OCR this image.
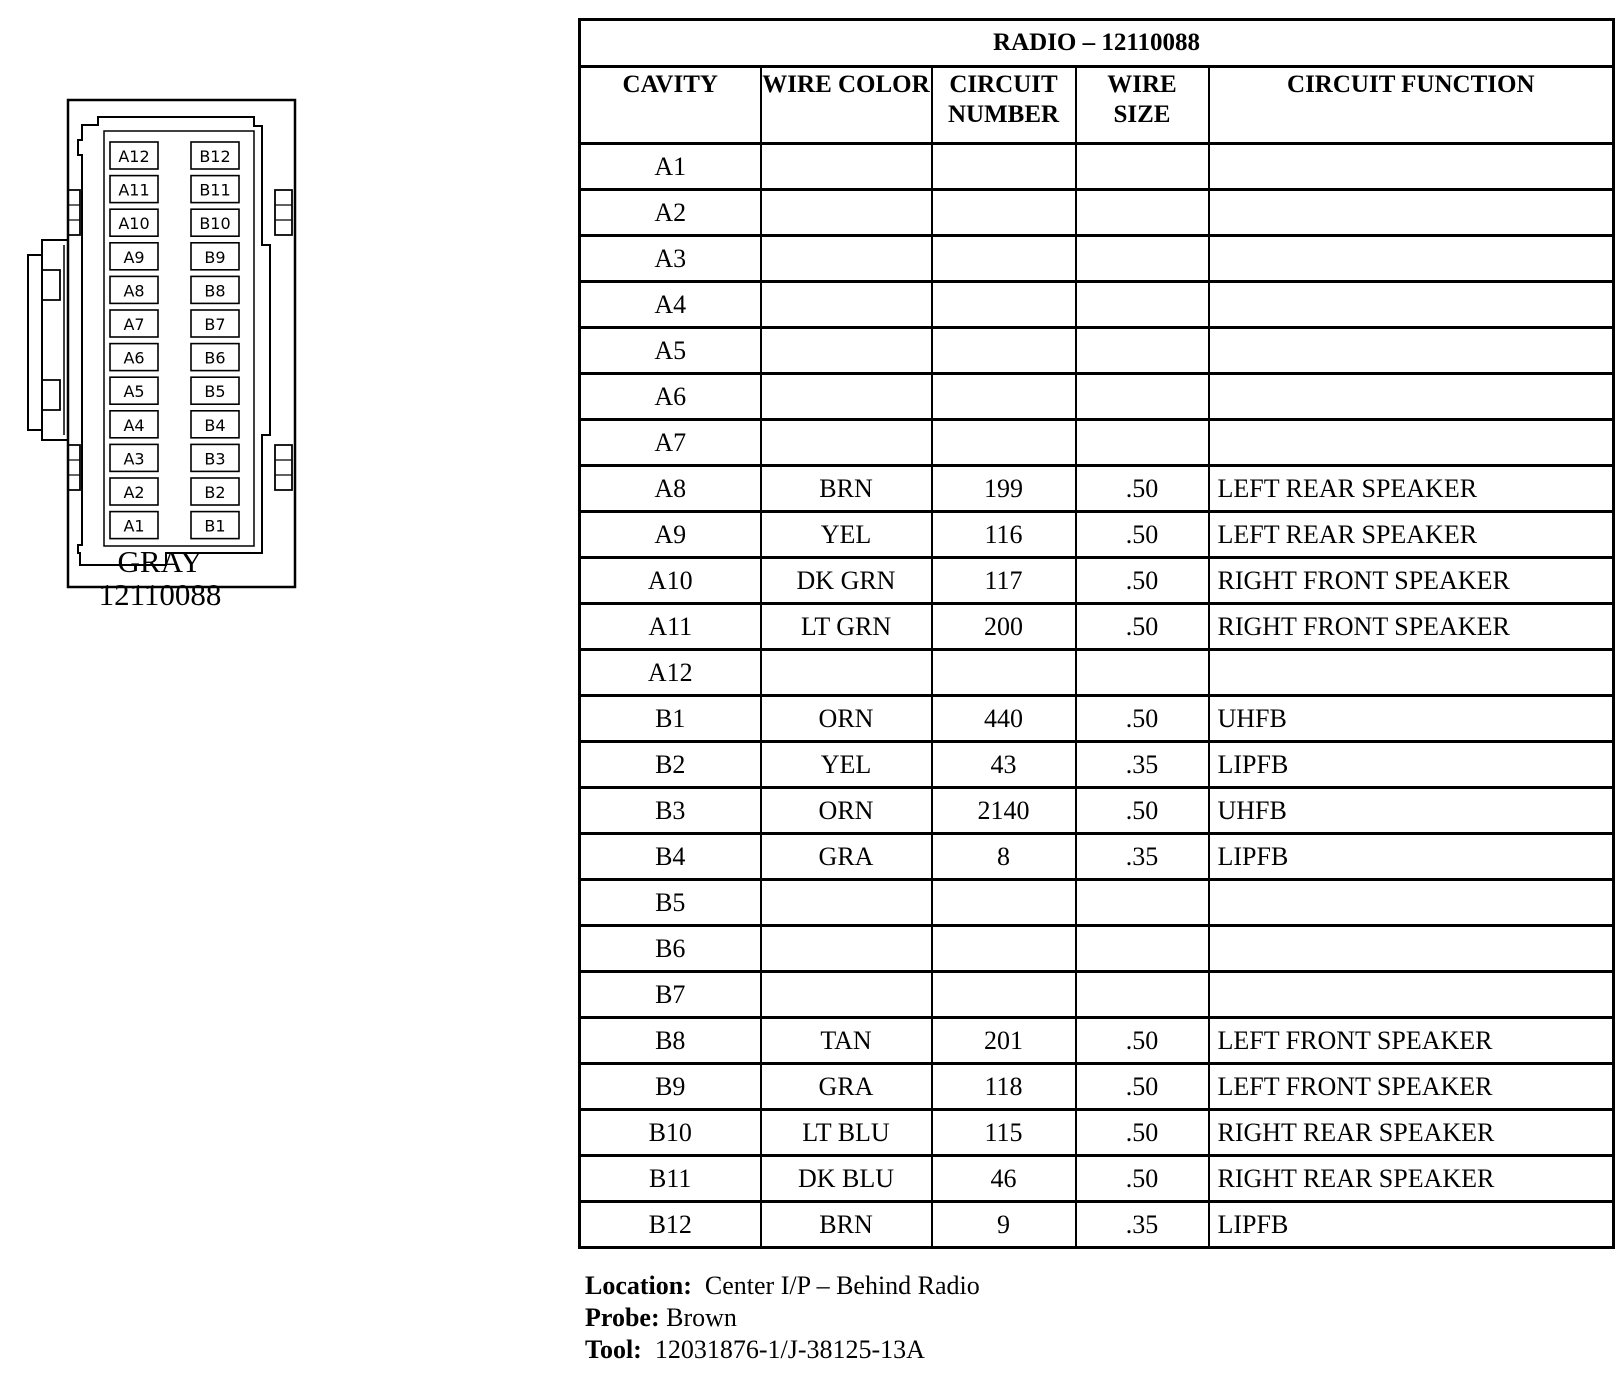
A12
A11
A10
A9
A8
A7
A6
A5
A4
A3
A2
A1
B12
B11
B10
B9
B8
B7
B6
B5
B4
B3
B2
B1
GRAY
12110088
RADIO – 12110088				
CAVITY	WIRE COLOR	CIRCUIT NUMBER	WIRE SIZE	CIRCUIT FUNCTION
A1				
A2				
A3				
A4				
A5				
A6				
A7				
A8	BRN	199	.50	LEFT REAR SPEAKER
A9	YEL	116	.50	LEFT REAR SPEAKER
A10	DK GRN	117	.50	RIGHT FRONT SPEAKER
A11	LT GRN	200	.50	RIGHT FRONT SPEAKER
A12				
B1	ORN	440	.50	UHFB
B2	YEL	43	.35	LIPFB
B3	ORN	2140	.50	UHFB
B4	GRA	8	.35	LIPFB
B5				
B6				
B7				
B8	TAN	201	.50	LEFT FRONT SPEAKER
B9	GRA	118	.50	LEFT FRONT SPEAKER
B10	LT BLU	115	.50	RIGHT REAR SPEAKER
B11	DK BLU	46	.50	RIGHT REAR SPEAKER
B12	BRN	9	.35	LIPFB
Location: Center I/P – Behind Radio
Probe: Brown
Tool: 12031876-1/J-38125-13A
